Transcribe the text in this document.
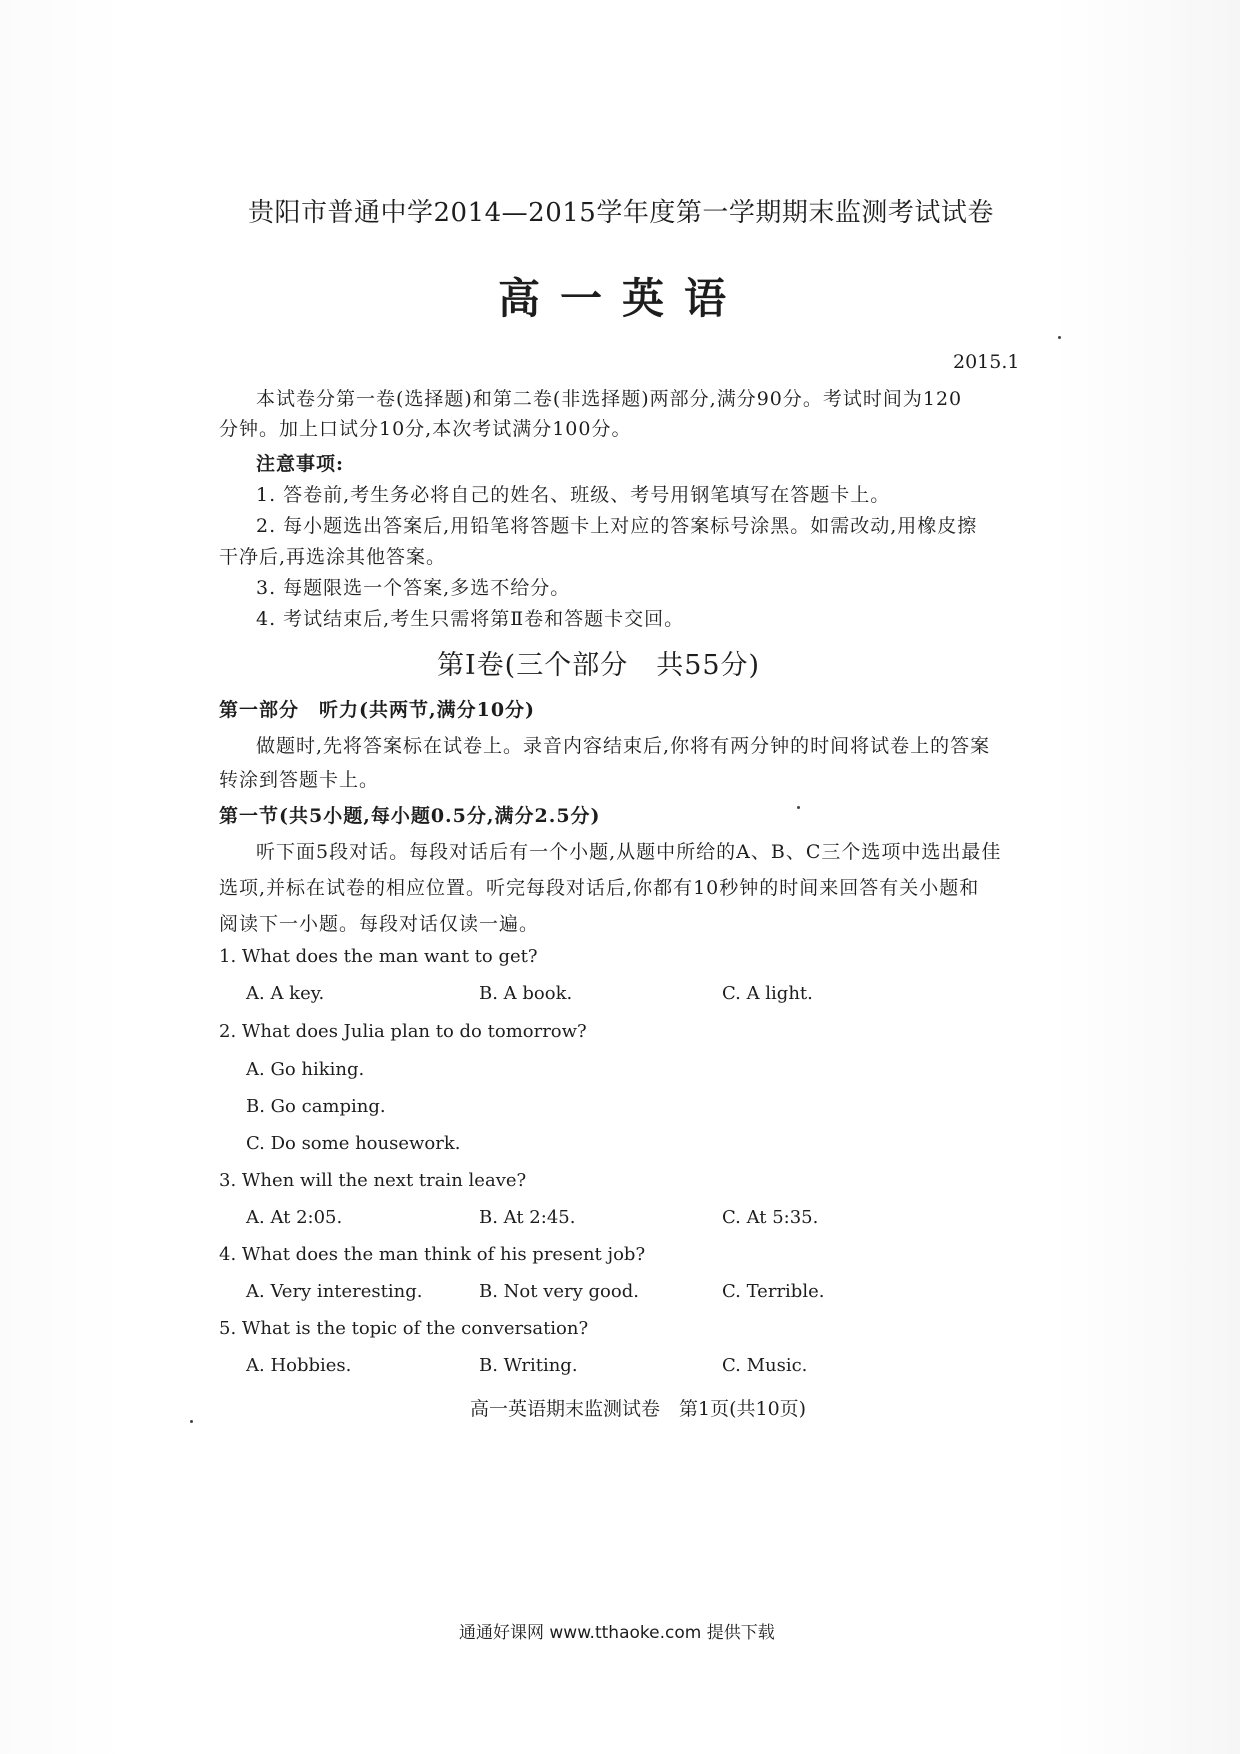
贵阳市普通中学2014—2015学年度第一学期期末监测考试试卷
高一英语
2015.1
本试卷分第一卷(选择题)和第二卷(非选择题)两部分,满分90分。考试时间为120
分钟。加上口试分10分,本次考试满分100分。
注意事项:
1. 答卷前,考生务必将自己的姓名、班级、考号用钢笔填写在答题卡上。
2. 每小题选出答案后,用铅笔将答题卡上对应的答案标号涂黑。如需改动,用橡皮擦
干净后,再选涂其他答案。
3. 每题限选一个答案,多选不给分。
4. 考试结束后,考生只需将第Ⅱ卷和答题卡交回。
第Ⅰ卷(三个部分　共55分)
第一部分　听力(共两节,满分10分)
做题时,先将答案标在试卷上。录音内容结束后,你将有两分钟的时间将试卷上的答案
转涂到答题卡上。
第一节(共5小题,每小题0.5分,满分2.5分)
听下面5段对话。每段对话后有一个小题,从题中所给的A、B、C三个选项中选出最佳
选项,并标在试卷的相应位置。听完每段对话后,你都有10秒钟的时间来回答有关小题和
阅读下一小题。每段对话仅读一遍。
1. What does the man want to get?
A. A key.	B. A book.	C. A light.
2. What does Julia plan to do tomorrow?
A. Go hiking.
B. Go camping.
C. Do some housework.
3. When will the next train leave?
A. At 2:05.	B. At 2:45.	C. At 5:35.
4. What does the man think of his present job?
A. Very interesting.	B. Not very good.	C. Terrible.
5. What is the topic of the conversation?
A. Hobbies.	B. Writing.	C. Music.
高一英语期末监测试卷　第1页(共10页)
通通好课网 www.tthaoke.com 提供下载
